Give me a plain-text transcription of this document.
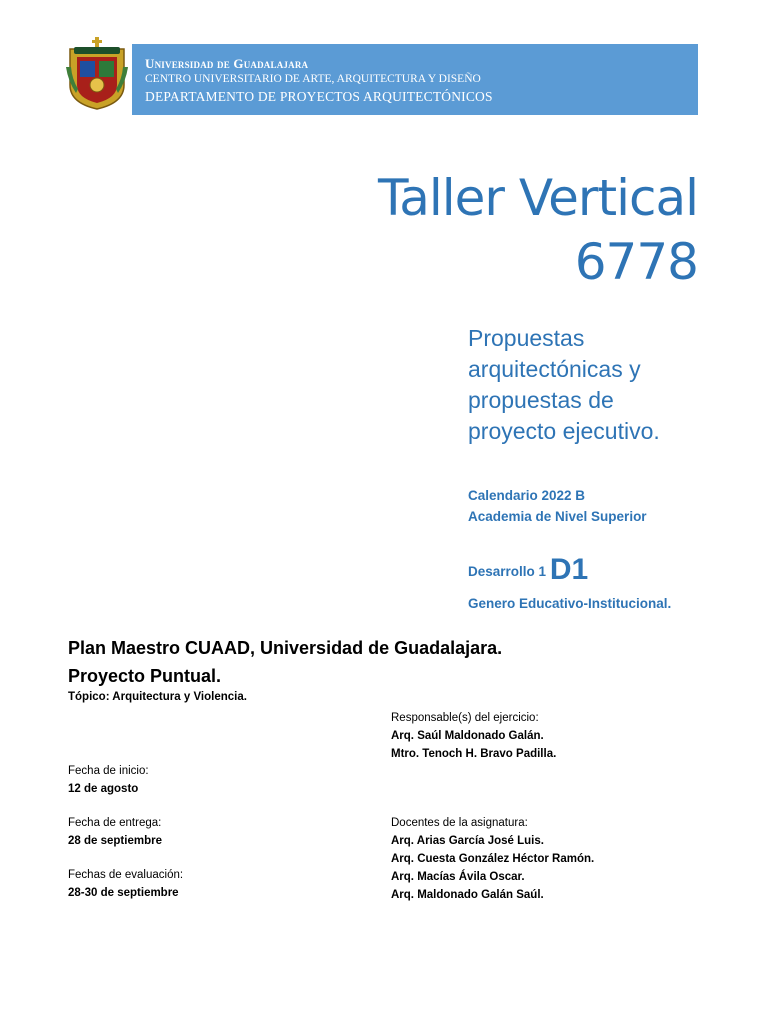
Universidad de Guadalajara
CENTRO UNIVERSITARIO DE ARTE, ARQUITECTURA Y DISEÑO
DEPARTAMENTO DE PROYECTOS ARQUITECTÓNICOS
Taller Vertical
6778
Propuestas
arquitectónicas y
propuestas de
proyecto ejecutivo.
Calendario 2022 B
Academia de Nivel Superior
Desarrollo 1 D1
Genero Educativo-Institucional.
Plan Maestro CUAAD, Universidad de Guadalajara.
Proyecto Puntual.
Tópico: Arquitectura y Violencia.
Responsable(s) del ejercicio:
Arq. Saúl Maldonado Galán.
Mtro. Tenoch H. Bravo Padilla.
Fecha de inicio:
12 de agosto
Fecha de entrega:
28 de septiembre
Fechas de evaluación:
28-30 de septiembre
Docentes de la asignatura:
Arq. Arias García José Luis.
Arq. Cuesta González Héctor Ramón.
Arq. Macías Ávila Oscar.
Arq. Maldonado Galán Saúl.
